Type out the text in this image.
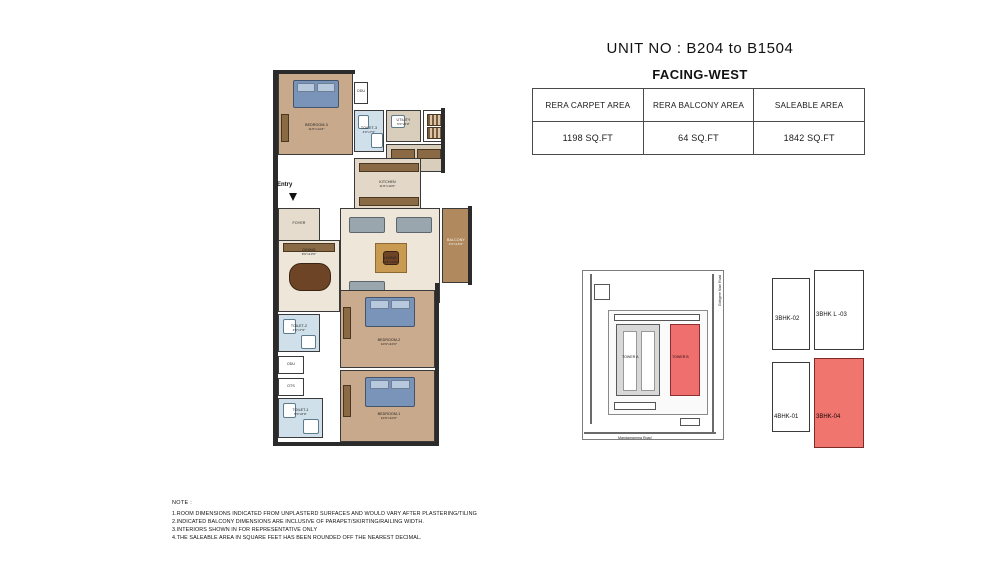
UNIT NO : B204 to B1504
FACING-WEST
RERA CARPET AREA	RERA BALCONY AREA	SALEABLE AREA
1198 SQ.FT	64 SQ.FT	1842 SQ.FT
BEDROOM-3
11'0"x14'3"
ODU
TOILET-3
4'6"x7'6"
UTILITY
5'0"x5'0"
KITCHEN
11'0"x10'0"
FOYER
DINING
9'6"x10'6"
LIVING
14'6"x13'0"
BALCONY
4'0"x16'0"
TOILET-2
4'6"x7'6"
BEDROOM-2
10'0"x10'0"
ODU
OTS
TOILET-1
5'0"x8'0"	BEDROOM-1
10'0"x10'0"
Entry
TOWER A	TOWER B
Mandamamma Road
Gottigere Main Road
3BHK-02
3BHK L -03
4BHK-01	3BHK-04
NOTE :
1.ROOM DIMENSIONS INDICATED FROM UNPLASTERD SURFACES AND WOULD VARY AFTER PLASTERING/TILING
2.INDICATED BALCONY DIMENSIONS ARE INCLUSIVE OF PARAPET/SKIRTING/RAILING WIDTH.
3.INTERIORS SHOWN IN FOR REPRESENTATIVE ONLY
4.THE SALEABLE AREA IN SQUARE FEET HAS BEEN ROUNDED OFF THE NEAREST DECIMAL.
